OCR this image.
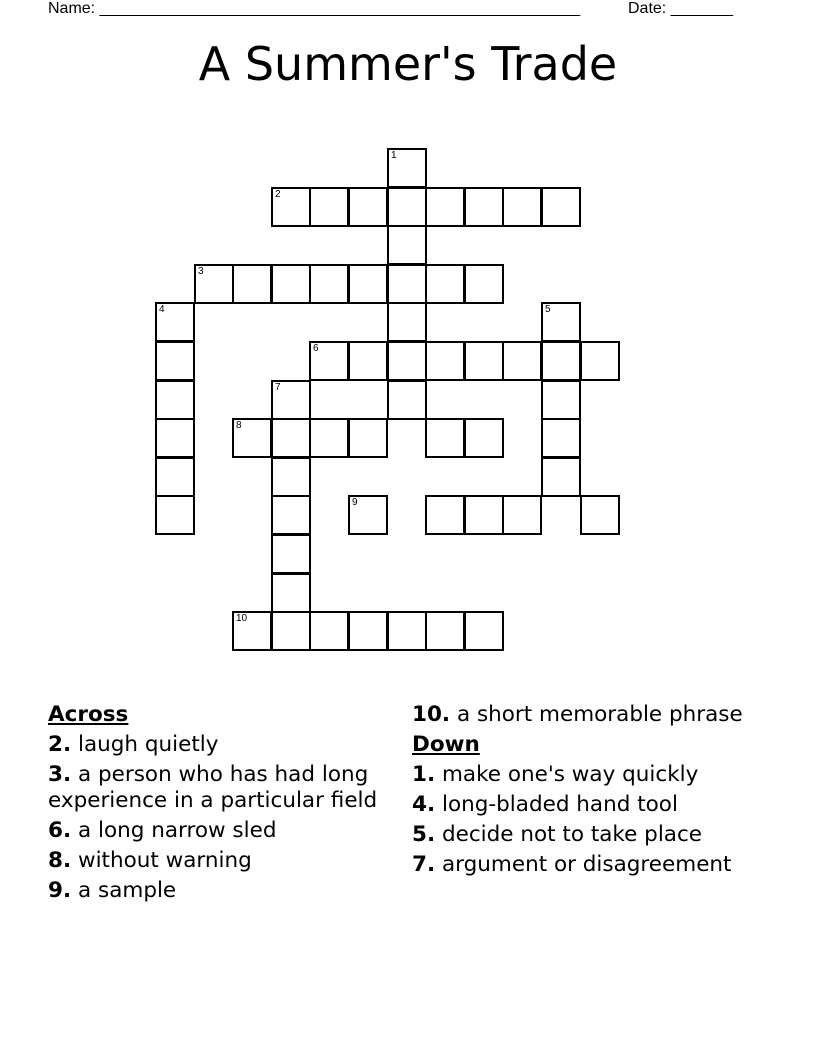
Name: ______________________________________________________	Date: _______
A Summer's Trade
1
2
3
4	5
6
7
8
9
10
Across
2. laugh quietly
3. a person who has had long experience in a particular field
6. a long narrow sled
8. without warning
9. a sample
10. a short memorable phrase
Down
1. make one's way quickly
4. long-bladed hand tool
5. decide not to take place
7. argument or disagreement
